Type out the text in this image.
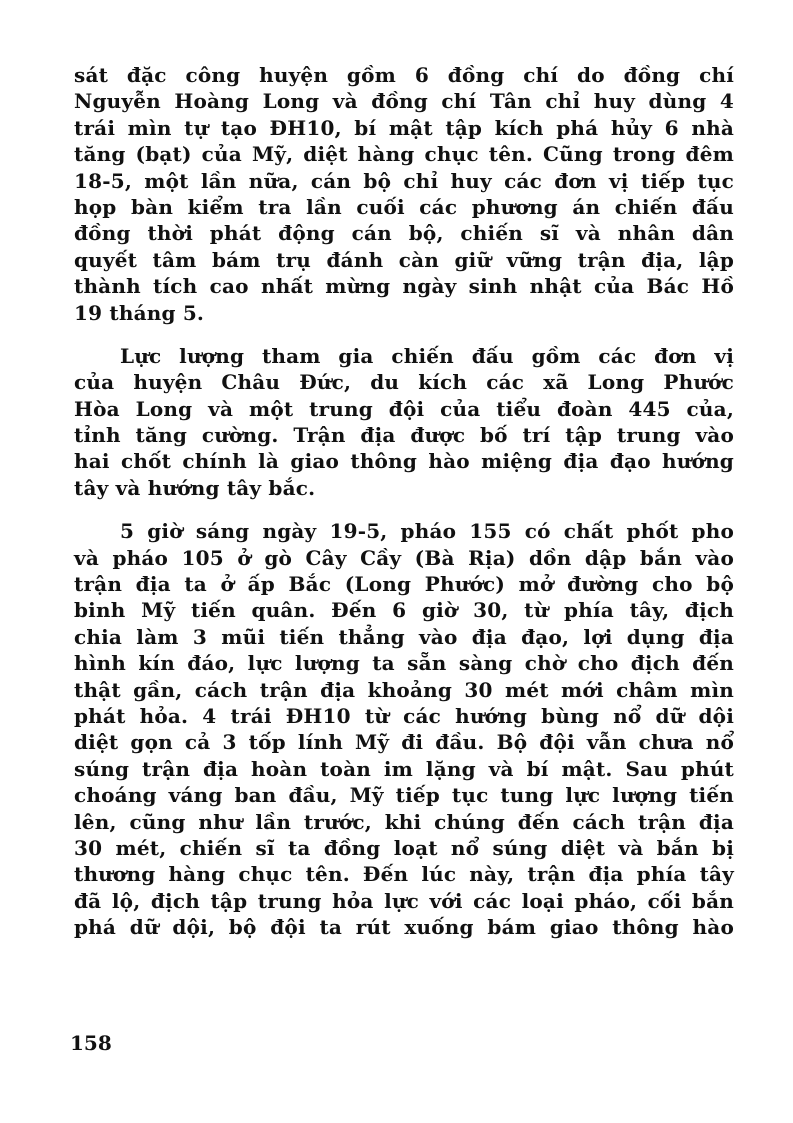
sát đặc công huyện gồm 6 đồng chí do đồng chí
Nguyễn Hoàng Long và đồng chí Tân chỉ huy dùng 4
trái mìn tự tạo ĐH10, bí mật tập kích phá hủy 6 nhà
tăng (bạt) của Mỹ, diệt hàng chục tên. Cũng trong đêm
18-5, một lần nữa, cán bộ chỉ huy các đơn vị tiếp tục
họp bàn kiểm tra lần cuối các phương án chiến đấu
đồng thời phát động cán bộ, chiến sĩ và nhân dân
quyết tâm bám trụ đánh càn giữ vững trận địa, lập
thành tích cao nhất mừng ngày sinh nhật của Bác Hồ
19 tháng 5.
Lực lượng tham gia chiến đấu gồm các đơn vị
của huyện Châu Đức, du kích các xã Long Phước
Hòa Long và một trung đội của tiểu đoàn 445 của,
tỉnh tăng cường. Trận địa được bố trí tập trung vào
hai chốt chính là giao thông hào miệng địa đạo hướng
tây và hướng tây bắc.
5 giờ sáng ngày 19-5, pháo 155 có chất phốt pho
và pháo 105 ở gò Cây Cầy (Bà Rịa) dồn dập bắn vào
trận địa ta ở ấp Bắc (Long Phước) mở đường cho bộ
binh Mỹ tiến quân. Đến 6 giờ 30, từ phía tây, địch
chia làm 3 mũi tiến thẳng vào địa đạo, lợi dụng địa
hình kín đáo, lực lượng ta sẵn sàng chờ cho địch đến
thật gần, cách trận địa khoảng 30 mét mới châm mìn
phát hỏa. 4 trái ĐH10 từ các hướng bùng nổ dữ dội
diệt gọn cả 3 tốp lính Mỹ đi đầu. Bộ đội vẫn chưa nổ
súng trận địa hoàn toàn im lặng và bí mật. Sau phút
choáng váng ban đầu, Mỹ tiếp tục tung lực lượng tiến
lên, cũng như lần trước, khi chúng đến cách trận địa
30 mét, chiến sĩ ta đồng loạt nổ súng diệt và bắn bị
thương hàng chục tên. Đến lúc này, trận địa phía tây
đã lộ, địch tập trung hỏa lực với các loại pháo, cối bắn
phá dữ dội, bộ đội ta rút xuống bám giao thông hào
158
